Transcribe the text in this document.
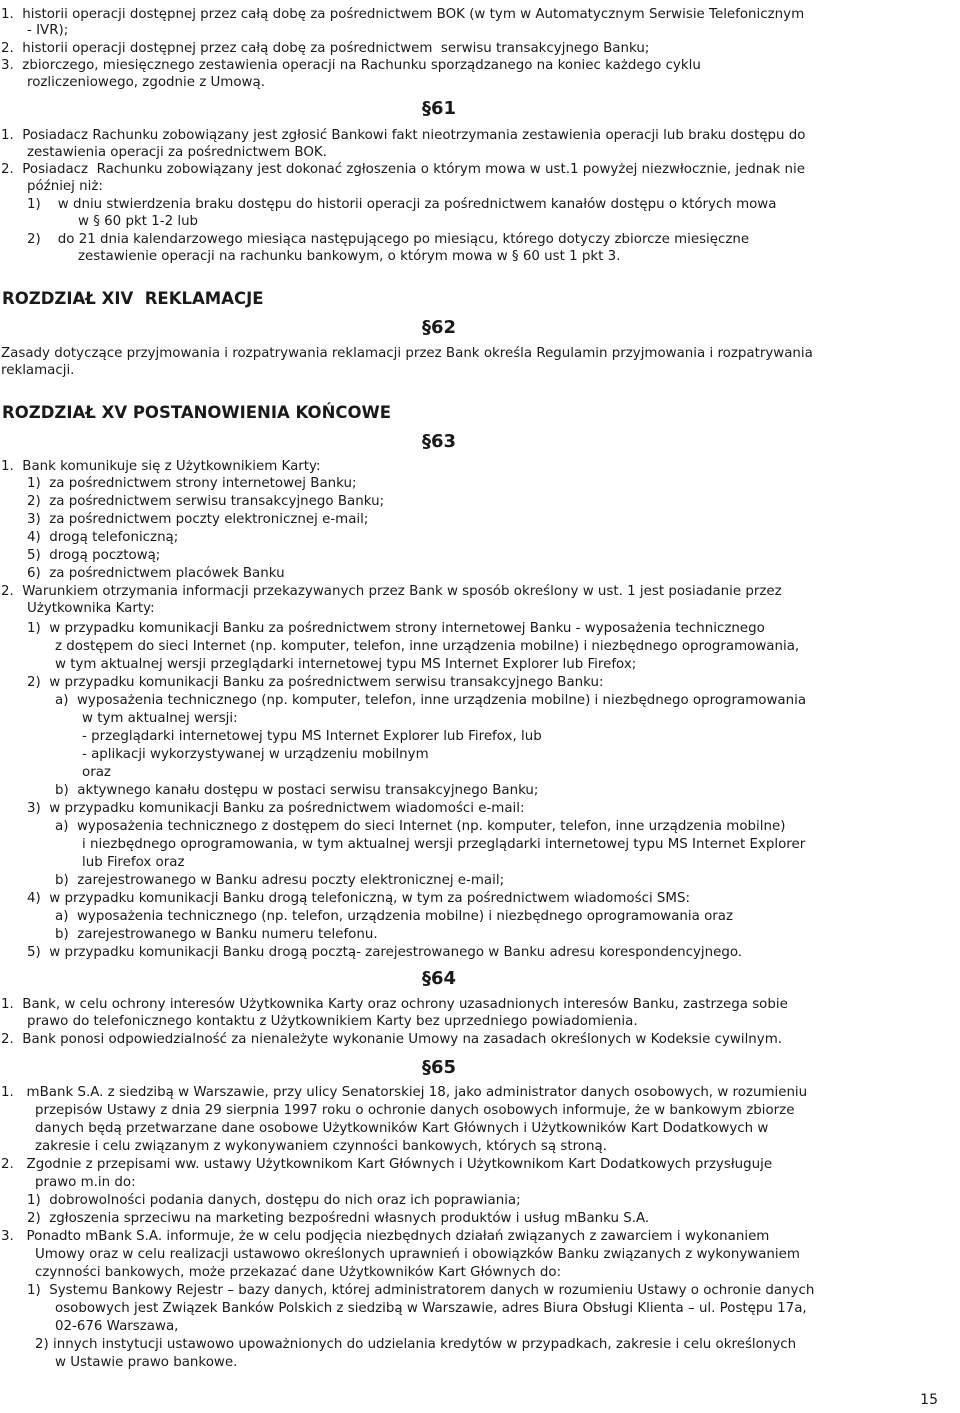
1.  historii operacji dostępnej przez całą dobę za pośrednictwem BOK (w tym w Automatycznym Serwisie Telefonicznym
- IVR);
2.  historii operacji dostępnej przez całą dobę za pośrednictwem  serwisu transakcyjnego Banku;
3.  zbiorczego, miesięcznego zestawienia operacji na Rachunku sporządzanego na koniec każdego cyklu
rozliczeniowego, zgodnie z Umową.
§61
1.  Posiadacz Rachunku zobowiązany jest zgłosić Bankowi fakt nieotrzymania zestawienia operacji lub braku dostępu do
zestawienia operacji za pośrednictwem BOK.
2.  Posiadacz  Rachunku zobowiązany jest dokonać zgłoszenia o którym mowa w ust.1 powyżej niezwłocznie, jednak nie
później niż:
1)    w dniu stwierdzenia braku dostępu do historii operacji za pośrednictwem kanałów dostępu o których mowa
w § 60 pkt 1-2 lub
2)    do 21 dnia kalendarzowego miesiąca następującego po miesiącu, którego dotyczy zbiorcze miesięczne
zestawienie operacji na rachunku bankowym, o którym mowa w § 60 ust 1 pkt 3.
ROZDZIAŁ XIV  REKLAMACJE
§62
Zasady dotyczące przyjmowania i rozpatrywania reklamacji przez Bank określa Regulamin przyjmowania i rozpatrywania
reklamacji.
ROZDZIAŁ XV POSTANOWIENIA KOŃCOWE
§63
1.  Bank komunikuje się z Użytkownikiem Karty:
1)  za pośrednictwem strony internetowej Banku;
2)  za pośrednictwem serwisu transakcyjnego Banku;
3)  za pośrednictwem poczty elektronicznej e-mail;
4)  drogą telefoniczną;
5)  drogą pocztową;
6)  za pośrednictwem placówek Banku
2.  Warunkiem otrzymania informacji przekazywanych przez Bank w sposób określony w ust. 1 jest posiadanie przez
Użytkownika Karty:
1)  w przypadku komunikacji Banku za pośrednictwem strony internetowej Banku - wyposażenia technicznego
z dostępem do sieci Internet (np. komputer, telefon, inne urządzenia mobilne) i niezbędnego oprogramowania,
w tym aktualnej wersji przeglądarki internetowej typu MS Internet Explorer lub Firefox;
2)  w przypadku komunikacji Banku za pośrednictwem serwisu transakcyjnego Banku:
a)  wyposażenia technicznego (np. komputer, telefon, inne urządzenia mobilne) i niezbędnego oprogramowania
w tym aktualnej wersji:
- przeglądarki internetowej typu MS Internet Explorer lub Firefox, lub
- aplikacji wykorzystywanej w urządzeniu mobilnym
oraz
b)  aktywnego kanału dostępu w postaci serwisu transakcyjnego Banku;
3)  w przypadku komunikacji Banku za pośrednictwem wiadomości e-mail:
a)  wyposażenia technicznego z dostępem do sieci Internet (np. komputer, telefon, inne urządzenia mobilne)
i niezbędnego oprogramowania, w tym aktualnej wersji przeglądarki internetowej typu MS Internet Explorer
lub Firefox oraz
b)  zarejestrowanego w Banku adresu poczty elektronicznej e-mail;
4)  w przypadku komunikacji Banku drogą telefoniczną, w tym za pośrednictwem wiadomości SMS:
a)  wyposażenia technicznego (np. telefon, urządzenia mobilne) i niezbędnego oprogramowania oraz
b)  zarejestrowanego w Banku numeru telefonu.
5)  w przypadku komunikacji Banku drogą pocztą- zarejestrowanego w Banku adresu korespondencyjnego.
§64
1.  Bank, w celu ochrony interesów Użytkownika Karty oraz ochrony uzasadnionych interesów Banku, zastrzega sobie
prawo do telefonicznego kontaktu z Użytkownikiem Karty bez uprzedniego powiadomienia.
2.  Bank ponosi odpowiedzialność za nienależyte wykonanie Umowy na zasadach określonych w Kodeksie cywilnym.
§65
1.   mBank S.A. z siedzibą w Warszawie, przy ulicy Senatorskiej 18, jako administrator danych osobowych, w rozumieniu
przepisów Ustawy z dnia 29 sierpnia 1997 roku o ochronie danych osobowych informuje, że w bankowym zbiorze
danych będą przetwarzane dane osobowe Użytkowników Kart Głównych i Użytkowników Kart Dodatkowych w
zakresie i celu związanym z wykonywaniem czynności bankowych, których są stroną.
2.   Zgodnie z przepisami ww. ustawy Użytkownikom Kart Głównych i Użytkownikom Kart Dodatkowych przysługuje
prawo m.in do:
1)  dobrowolności podania danych, dostępu do nich oraz ich poprawiania;
2)  zgłoszenia sprzeciwu na marketing bezpośredni własnych produktów i usług mBanku S.A.
3.   Ponadto mBank S.A. informuje, że w celu podjęcia niezbędnych działań związanych z zawarciem i wykonaniem
Umowy oraz w celu realizacji ustawowo określonych uprawnień i obowiązków Banku związanych z wykonywaniem
czynności bankowych, może przekazać dane Użytkowników Kart Głównych do:
1)  Systemu Bankowy Rejestr – bazy danych, której administratorem danych w rozumieniu Ustawy o ochronie danych
osobowych jest Związek Banków Polskich z siedzibą w Warszawie, adres Biura Obsługi Klienta – ul. Postępu 17a,
02-676 Warszawa,
2) innych instytucji ustawowo upoważnionych do udzielania kredytów w przypadkach, zakresie i celu określonych
w Ustawie prawo bankowe.
15
